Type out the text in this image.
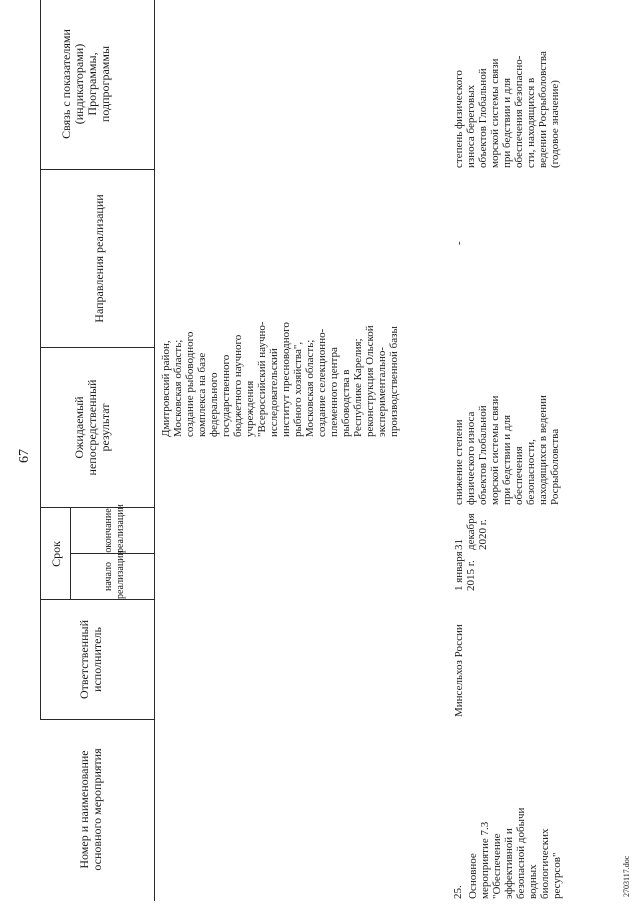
67
Номер и наименование
основного мероприятия
Ответственный
исполнитель
Срок
начало
реализации
окончание
реализации
Ожидаемый
непосредственный
результат
Направления реализации
Связь с показателями
(индикаторами)
Программы,
подпрограммы
Дмитровский район,
Московская область;
создание рыбоводного
комплекса на базе
федерального
государственного
бюджетного научного
учреждения
"Всероссийский научно-
исследовательский
институт пресноводного
рыбного хозяйства",
Московская область;
создание селекционно-
племенного центра
рыбоводства в
Республике Карелия;
реконструкция Ольской
экспериментально-
производственной базы
25. Основное
мероприятие 7.3
"Обеспечение
эффективной и
безопасной добычи
водных
биологических
ресурсов"
Минсельхоз России
1 января
2015 г.
31 декабря
2020 г.
снижение степени
физического износа
объектов Глобальной
морской системы связи
при бедствии и для
обеспечения
безопасности,
находящихся в ведении
Росрыболовства
-
степень физического
износа береговых
объектов Глобальной
морской системы связи
при бедствии и для
обеспечения безопасно-
сти, находящихся в
ведении Росрыболовства
(годовое значение)
2703117.doc
